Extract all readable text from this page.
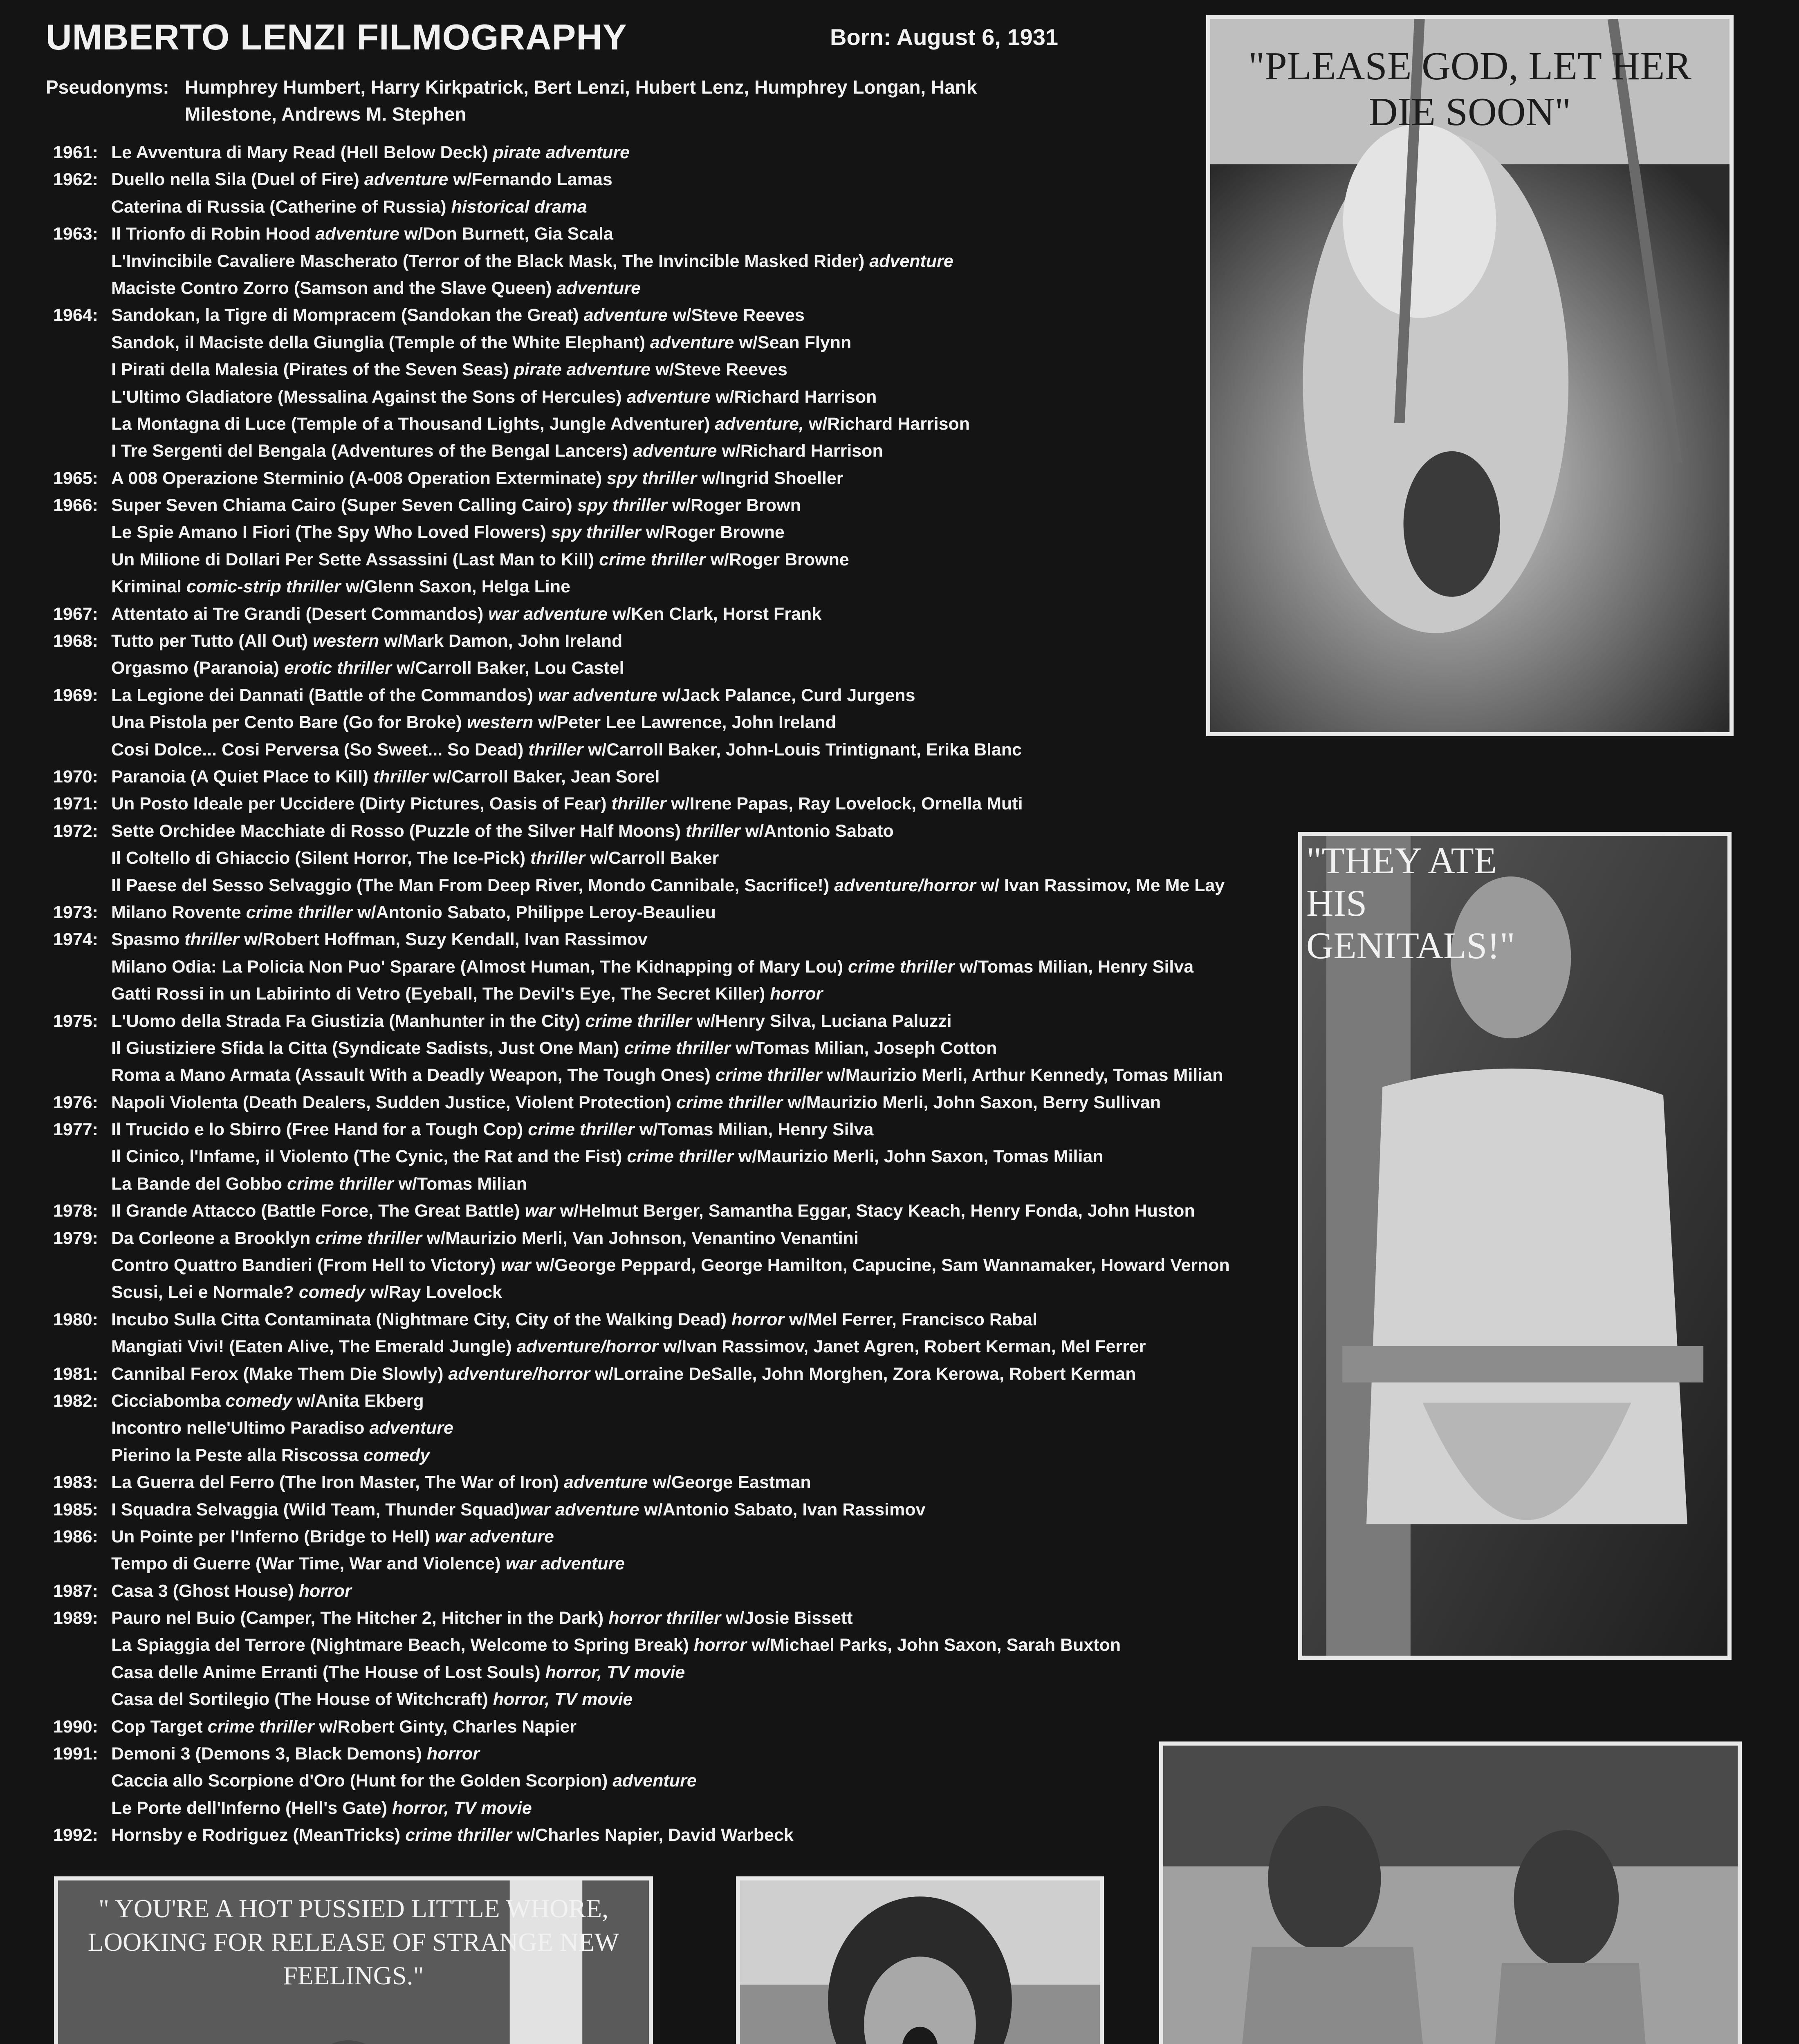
UMBERTO LENZI FILMOGRAPHY	Born: August 6, 1931
Pseudonyms: Humphrey Humbert, Harry Kirkpatrick, Bert Lenzi, Hubert Lenz, Humphrey Longan, Hank Milestone, Andrews M. Stephen
1961: Le Avventura di Mary Read (Hell Below Deck) pirate adventure
1962: Duello nella Sila (Duel of Fire) adventure w/Fernando Lamas
Caterina di Russia (Catherine of Russia) historical drama
1963: Il Trionfo di Robin Hood adventure w/Don Burnett, Gia Scala
L'Invincibile Cavaliere Mascherato (Terror of the Black Mask, The Invincible Masked Rider) adventure
Maciste Contro Zorro (Samson and the Slave Queen) adventure
1964: Sandokan, la Tigre di Mompracem (Sandokan the Great) adventure w/Steve Reeves
Sandok, il Maciste della Giunglia (Temple of the White Elephant) adventure w/Sean Flynn
I Pirati della Malesia (Pirates of the Seven Seas) pirate adventure w/Steve Reeves
L'Ultimo Gladiatore (Messalina Against the Sons of Hercules) adventure w/Richard Harrison
La Montagna di Luce (Temple of a Thousand Lights, Jungle Adventurer) adventure, w/Richard Harrison
I Tre Sergenti del Bengala (Adventures of the Bengal Lancers) adventure w/Richard Harrison
1965: A 008 Operazione Sterminio (A-008 Operation Exterminate) spy thriller w/Ingrid Shoeller
1966: Super Seven Chiama Cairo (Super Seven Calling Cairo) spy thriller w/Roger Brown
Le Spie Amano I Fiori (The Spy Who Loved Flowers) spy thriller w/Roger Browne
Un Milione di Dollari Per Sette Assassini (Last Man to Kill) crime thriller w/Roger Browne
Kriminal comic-strip thriller w/Glenn Saxon, Helga Line
1967: Attentato ai Tre Grandi (Desert Commandos) war adventure w/Ken Clark, Horst Frank
1968: Tutto per Tutto (All Out) western w/Mark Damon, John Ireland
Orgasmo (Paranoia) erotic thriller w/Carroll Baker, Lou Castel
1969: La Legione dei Dannati (Battle of the Commandos) war adventure w/Jack Palance, Curd Jurgens
Una Pistola per Cento Bare (Go for Broke) western w/Peter Lee Lawrence, John Ireland
Cosi Dolce... Cosi Perversa (So Sweet... So Dead) thriller w/Carroll Baker, John-Louis Trintignant, Erika Blanc
1970: Paranoia (A Quiet Place to Kill) thriller w/Carroll Baker, Jean Sorel
1971: Un Posto Ideale per Uccidere (Dirty Pictures, Oasis of Fear) thriller w/Irene Papas, Ray Lovelock, Ornella Muti
1972: Sette Orchidee Macchiate di Rosso (Puzzle of the Silver Half Moons) thriller w/Antonio Sabato
Il Coltello di Ghiaccio (Silent Horror, The Ice-Pick) thriller w/Carroll Baker
Il Paese del Sesso Selvaggio (The Man From Deep River, Mondo Cannibale, Sacrifice!) adventure/horror w/ Ivan Rassimov, Me Me Lay
1973: Milano Rovente crime thriller w/Antonio Sabato, Philippe Leroy-Beaulieu
1974: Spasmo thriller w/Robert Hoffman, Suzy Kendall, Ivan Rassimov
Milano Odia: La Policia Non Puo' Sparare (Almost Human, The Kidnapping of Mary Lou) crime thriller w/Tomas Milian, Henry Silva
Gatti Rossi in un Labirinto di Vetro (Eyeball, The Devil's Eye, The Secret Killer) horror
1975: L'Uomo della Strada Fa Giustizia (Manhunter in the City) crime thriller w/Henry Silva, Luciana Paluzzi
Il Giustiziere Sfida la Citta (Syndicate Sadists, Just One Man) crime thriller w/Tomas Milian, Joseph Cotton
Roma a Mano Armata (Assault With a Deadly Weapon, The Tough Ones) crime thriller w/Maurizio Merli, Arthur Kennedy, Tomas Milian
1976: Napoli Violenta (Death Dealers, Sudden Justice, Violent Protection) crime thriller w/Maurizio Merli, John Saxon, Berry Sullivan
1977: Il Trucido e lo Sbirro (Free Hand for a Tough Cop) crime thriller w/Tomas Milian, Henry Silva
Il Cinico, l'Infame, il Violento (The Cynic, the Rat and the Fist) crime thriller w/Maurizio Merli, John Saxon, Tomas Milian
La Bande del Gobbo crime thriller w/Tomas Milian
1978: Il Grande Attacco (Battle Force, The Great Battle) war w/Helmut Berger, Samantha Eggar, Stacy Keach, Henry Fonda, John Huston
1979: Da Corleone a Brooklyn crime thriller w/Maurizio Merli, Van Johnson, Venantino Venantini
Contro Quattro Bandieri (From Hell to Victory) war w/George Peppard, George Hamilton, Capucine, Sam Wannamaker, Howard Vernon
Scusi, Lei e Normale? comedy w/Ray Lovelock
1980: Incubo Sulla Citta Contaminata (Nightmare City, City of the Walking Dead) horror w/Mel Ferrer, Francisco Rabal
Mangiati Vivi! (Eaten Alive, The Emerald Jungle) adventure/horror w/Ivan Rassimov, Janet Agren, Robert Kerman, Mel Ferrer
1981: Cannibal Ferox (Make Them Die Slowly) adventure/horror w/Lorraine DeSalle, John Morghen, Zora Kerowa, Robert Kerman
1982: Cicciabomba comedy w/Anita Ekberg
Incontro nelle'Ultimo Paradiso adventure
Pierino la Peste alla Riscossa comedy
1983: La Guerra del Ferro (The Iron Master, The War of Iron) adventure w/George Eastman
1985: I Squadra Selvaggia (Wild Team, Thunder Squad)war adventure w/Antonio Sabato, Ivan Rassimov
1986: Un Pointe per l'Inferno (Bridge to Hell) war adventure
Tempo di Guerre (War Time, War and Violence) war adventure
1987: Casa 3 (Ghost House) horror
1989: Pauro nel Buio (Camper, The Hitcher 2, Hitcher in the Dark) horror thriller w/Josie Bissett
La Spiaggia del Terrore (Nightmare Beach, Welcome to Spring Break) horror w/Michael Parks, John Saxon, Sarah Buxton
Casa delle Anime Erranti (The House of Lost Souls) horror, TV movie
Casa del Sortilegio (The House of Witchcraft) horror, TV movie
1990: Cop Target crime thriller w/Robert Ginty, Charles Napier
1991: Demoni 3 (Demons 3, Black Demons) horror
Caccia allo Scorpione d'Oro (Hunt for the Golden Scorpion) adventure
Le Porte dell'Inferno (Hell's Gate) horror, TV movie
1992: Hornsby e Rodriguez (MeanTricks) crime thriller w/Charles Napier, David Warbeck
"PLEASE GOD, LET HER
DIE SOON"
"THEY ATE
HIS
GENITALS!"
" YOU'RE A HOT PUSSIED LITTLE WHORE,
LOOKING FOR RELEASE OF STRANGE NEW FEELINGS."
